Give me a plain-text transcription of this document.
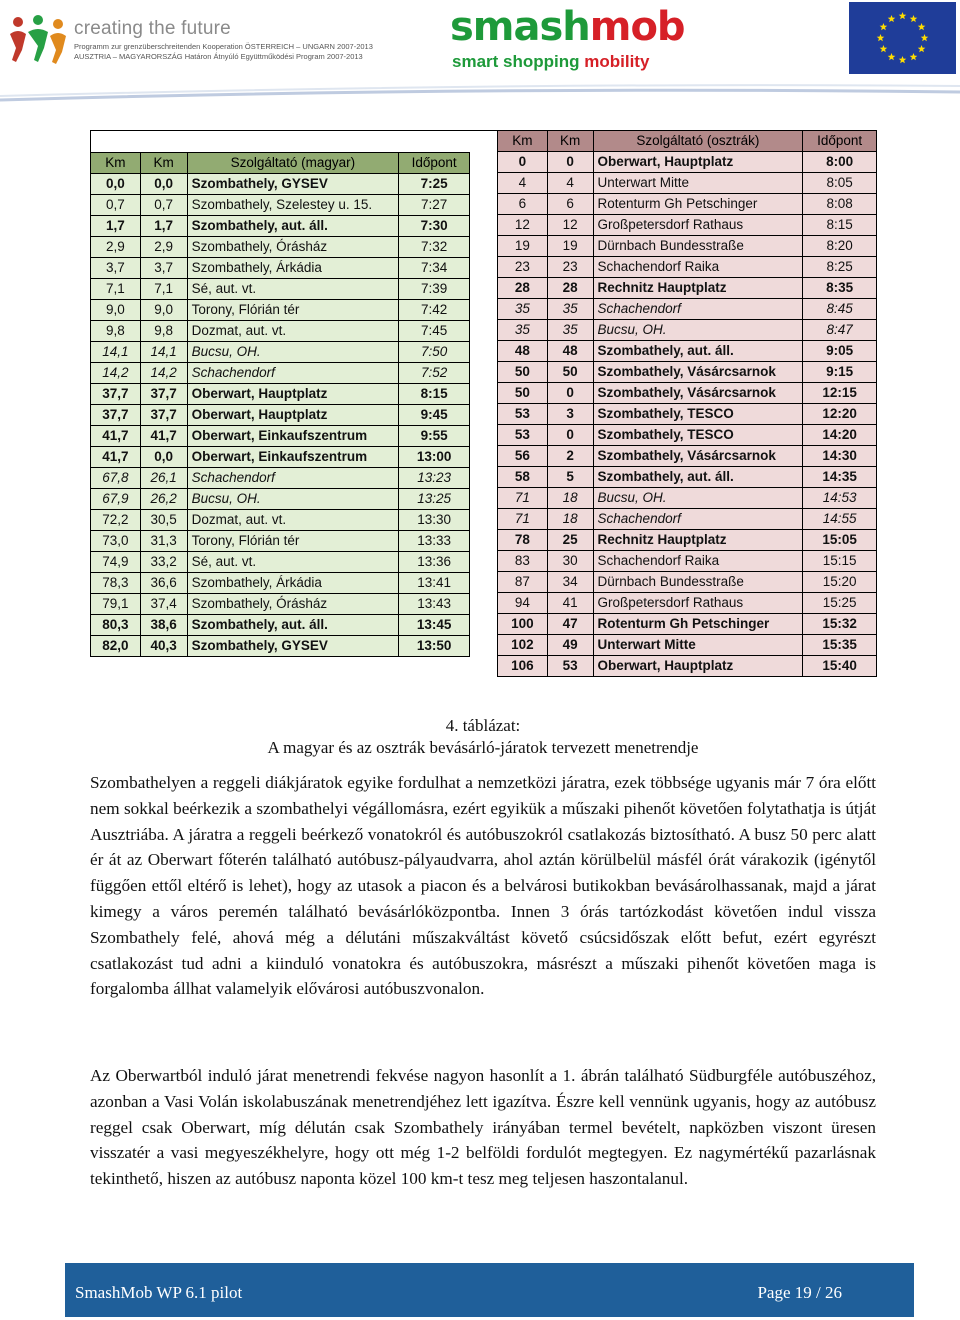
creating the future
Programm zur grenzüberschreitenden Kooperation ÖSTERREICH – UNGARN 2007-2013
AUSZTRIA – MAGYARORSZÁG Határon Átnyúló Együttműködési Program 2007-2013
smashmob
smart shopping mobility
Km	Km	Szolgáltató (magyar)	Időpont
0,0	0,0	Szombathely, GYSEV	7:25
0,7	0,7	Szombathely, Szelestey u. 15.	7:27
1,7	1,7	Szombathely, aut. áll.	7:30
2,9	2,9	Szombathely, Órásház	7:32
3,7	3,7	Szombathely, Árkádia	7:34
7,1	7,1	Sé, aut. vt.	7:39
9,0	9,0	Torony, Flórián tér	7:42
9,8	9,8	Dozmat, aut. vt.	7:45
14,1	14,1	Bucsu, OH.	7:50
14,2	14,2	Schachendorf	7:52
37,7	37,7	Oberwart, Hauptplatz	8:15
37,7	37,7	Oberwart, Hauptplatz	9:45
41,7	41,7	Oberwart, Einkaufszentrum	9:55
41,7	0,0	Oberwart, Einkaufszentrum	13:00
67,8	26,1	Schachendorf	13:23
67,9	26,2	Bucsu, OH.	13:25
72,2	30,5	Dozmat, aut. vt.	13:30
73,0	31,3	Torony, Flórián tér	13:33
74,9	33,2	Sé, aut. vt.	13:36
78,3	36,6	Szombathely, Árkádia	13:41
79,1	37,4	Szombathely, Órásház	13:43
80,3	38,6	Szombathely, aut. áll.	13:45
82,0	40,3	Szombathely, GYSEV	13:50
Km	Km	Szolgáltató (osztrák)	Időpont
0	0	Oberwart, Hauptplatz	8:00
4	4	Unterwart Mitte	8:05
6	6	Rotenturm Gh Petschinger	8:08
12	12	Großpetersdorf Rathaus	8:15
19	19	Dürnbach Bundesstraße	8:20
23	23	Schachendorf Raika	8:25
28	28	Rechnitz Hauptplatz	8:35
35	35	Schachendorf	8:45
35	35	Bucsu, OH.	8:47
48	48	Szombathely, aut. áll.	9:05
50	50	Szombathely, Vásárcsarnok	9:15
50	0	Szombathely, Vásárcsarnok	12:15
53	3	Szombathely, TESCO	12:20
53	0	Szombathely, TESCO	14:20
56	2	Szombathely, Vásárcsarnok	14:30
58	5	Szombathely, aut. áll.	14:35
71	18	Bucsu, OH.	14:53
71	18	Schachendorf	14:55
78	25	Rechnitz Hauptplatz	15:05
83	30	Schachendorf Raika	15:15
87	34	Dürnbach Bundesstraße	15:20
94	41	Großpetersdorf Rathaus	15:25
100	47	Rotenturm Gh Petschinger	15:32
102	49	Unterwart Mitte	15:35
106	53	Oberwart, Hauptplatz	15:40
4. táblázat:
A magyar és az osztrák bevásárló-járatok tervezett menetrendje
Szombathelyen a reggeli diákjáratok egyike fordulhat a nemzetközi járatra, ezek többsége ugyanis már 7 óra előtt nem sokkal beérkezik a szombathelyi végállomásra, ezért egyikük a műszaki pihenőt követően folytathatja is útját Ausztriába. A járatra a reggeli beérkező vonatokról és autóbuszokról csatlakozás biztosítható. A busz 50 perc alatt ér át az Oberwart főterén található autóbusz-pályaudvarra, ahol aztán körülbelül másfél órát várakozik (igénytől függően ettől eltérő is lehet), hogy az utasok a piacon és a belvárosi butikokban bevásárolhassanak, majd a járat kimegy a város peremén található bevásárlóközpontba. Innen 3 órás tartózkodást követően indul vissza Szombathely felé, ahová még a délutáni műszakváltást követő csúcsidőszak előtt befut, ezért egyrészt csatlakozást tud adni a kiinduló vonatokra és autóbuszokra, másrészt a műszaki pihenőt követően maga is forgalomba állhat valamelyik elővárosi autóbuszvonalon.
Az Oberwartból induló járat menetrendi fekvése nagyon hasonlít a 1. ábrán található Südburgféle autóbuszéhoz, azonban a Vasi Volán iskolabuszának menetrendjéhez lett igazítva. Észre kell vennünk ugyanis, hogy az autóbusz reggel csak Oberwart, míg délután csak Szombathely irányában termel bevételt, napközben viszont üresen visszatér a vasi megyeszékhelyre, hogy ott még 1-2 belföldi fordulót megtegyen. Ez nagymértékű pazarlásnak tekinthető, hiszen az autóbusz naponta közel 100 km-t tesz meg teljesen haszontalanul.
SmashMob WP 6.1 pilot	Page 19 / 26
